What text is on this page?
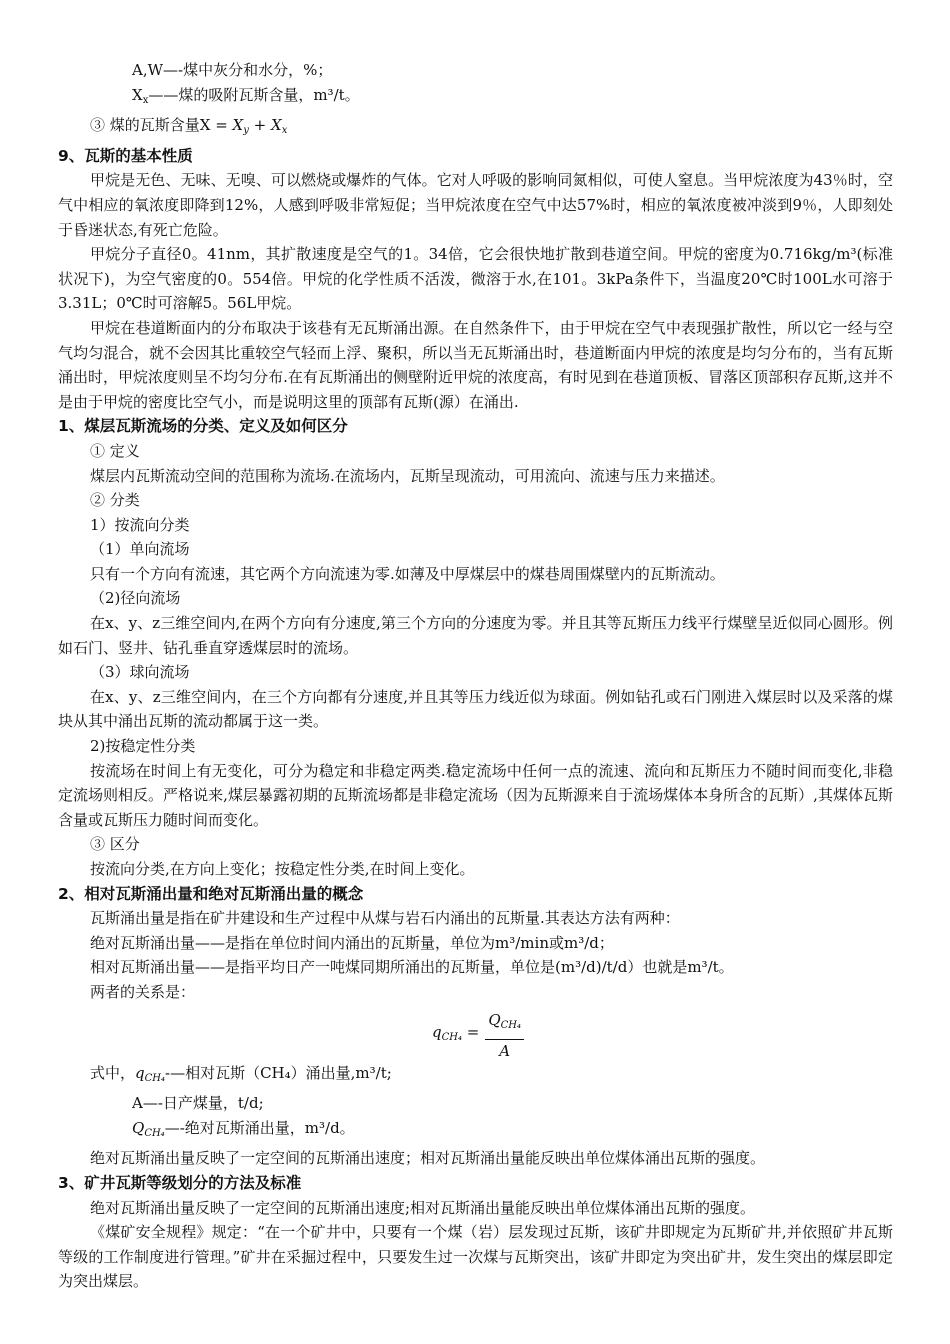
A,W—-煤中灰分和水分，%；

$X_x——$煤的吸附瓦斯含量，m³/t。

③ 煤的瓦斯含量$X = X_y + X_x$

9、瓦斯的基本性质

甲烷是无色、无味、无嗅、可以燃烧或爆炸的气体。它对人呼吸的影响同氮相似，可使人窒息。当甲烷浓度为43％时，空气中相应的氧浓度即降到12%，人感到呼吸非常短促；当甲烷浓度在空气中达57%时，相应的氧浓度被冲淡到9％，人即刻处于昏迷状态,有死亡危险。

甲烷分子直径0。41nm，其扩散速度是空气的1。34倍，它会很快地扩散到巷道空间。甲烷的密度为0.716kg/m³(标准状况下)，为空气密度的0。554倍。甲烷的化学性质不活泼，微溶于水,在101。3kPa条件下，当温度20℃时100L水可溶于3.31L；0℃时可溶解5。56L甲烷。

甲烷在巷道断面内的分布取决于该巷有无瓦斯涌出源。在自然条件下，由于甲烷在空气中表现强扩散性，所以它一经与空气均匀混合，就不会因其比重较空气轻而上浮、聚积，所以当无瓦斯涌出时，巷道断面内甲烷的浓度是均匀分布的，当有瓦斯涌出时，甲烷浓度则呈不均匀分布.在有瓦斯涌出的侧壁附近甲烷的浓度高，有时见到在巷道顶板、冒落区顶部积存瓦斯,这并不是由于甲烷的密度比空气小，而是说明这里的顶部有瓦斯(源）在涌出.

1、煤层瓦斯流场的分类、定义及如何区分

① 定义

煤层内瓦斯流动空间的范围称为流场.在流场内，瓦斯呈现流动，可用流向、流速与压力来描述。

② 分类

1）按流向分类

（1）单向流场

只有一个方向有流速，其它两个方向流速为零.如薄及中厚煤层中的煤巷周围煤壁内的瓦斯流动。

（2)径向流场

在x、y、z三维空间内,在两个方向有分速度,第三个方向的分速度为零。并且其等瓦斯压力线平行煤壁呈近似同心圆形。例如石门、竖井、钻孔垂直穿透煤层时的流场。

（3）球向流场

在x、y、z三维空间内，在三个方向都有分速度,并且其等压力线近似为球面。例如钻孔或石门刚进入煤层时以及采落的煤块从其中涌出瓦斯的流动都属于这一类。

2)按稳定性分类

按流场在时间上有无变化，可分为稳定和非稳定两类.稳定流场中任何一点的流速、流向和瓦斯压力不随时间而变化,非稳定流场则相反。严格说来,煤层暴露初期的瓦斯流场都是非稳定流场（因为瓦斯源来自于流场煤体本身所含的瓦斯）,其煤体瓦斯含量或瓦斯压力随时间而变化。

③ 区分

按流向分类,在方向上变化；按稳定性分类,在时间上变化。

2、相对瓦斯涌出量和绝对瓦斯涌出量的概念

瓦斯涌出量是指在矿井建设和生产过程中从煤与岩石内涌出的瓦斯量.其表达方法有两种：

绝对瓦斯涌出量——是指在单位时间内涌出的瓦斯量，单位为m³/min或m³/d；

相对瓦斯涌出量——是指平均日产一吨煤同期所涌出的瓦斯量，单位是(m³/d)/t/d）也就是m³/t。

两者的关系是：

$q_{CH_4} = \frac{Q_{CH_4}}{A}$

式中，$q_{CH_4}-—$相对瓦斯（CH₄）涌出量,m³/t;

A—-日产煤量，t/d;

$Q_{CH_4}—-$绝对瓦斯涌出量，m³/d。

绝对瓦斯涌出量反映了一定空间的瓦斯涌出速度；相对瓦斯涌出量能反映出单位煤体涌出瓦斯的强度。

3、矿井瓦斯等级划分的方法及标准

绝对瓦斯涌出量反映了一定空间的瓦斯涌出速度;相对瓦斯涌出量能反映出单位煤体涌出瓦斯的强度。

《煤矿安全规程》规定：“在一个矿井中，只要有一个煤（岩）层发现过瓦斯，该矿井即规定为瓦斯矿井,并依照矿井瓦斯等级的工作制度进行管理。”矿井在采掘过程中，只要发生过一次煤与瓦斯突出，该矿井即定为突出矿井，发生突出的煤层即定为突出煤层。
